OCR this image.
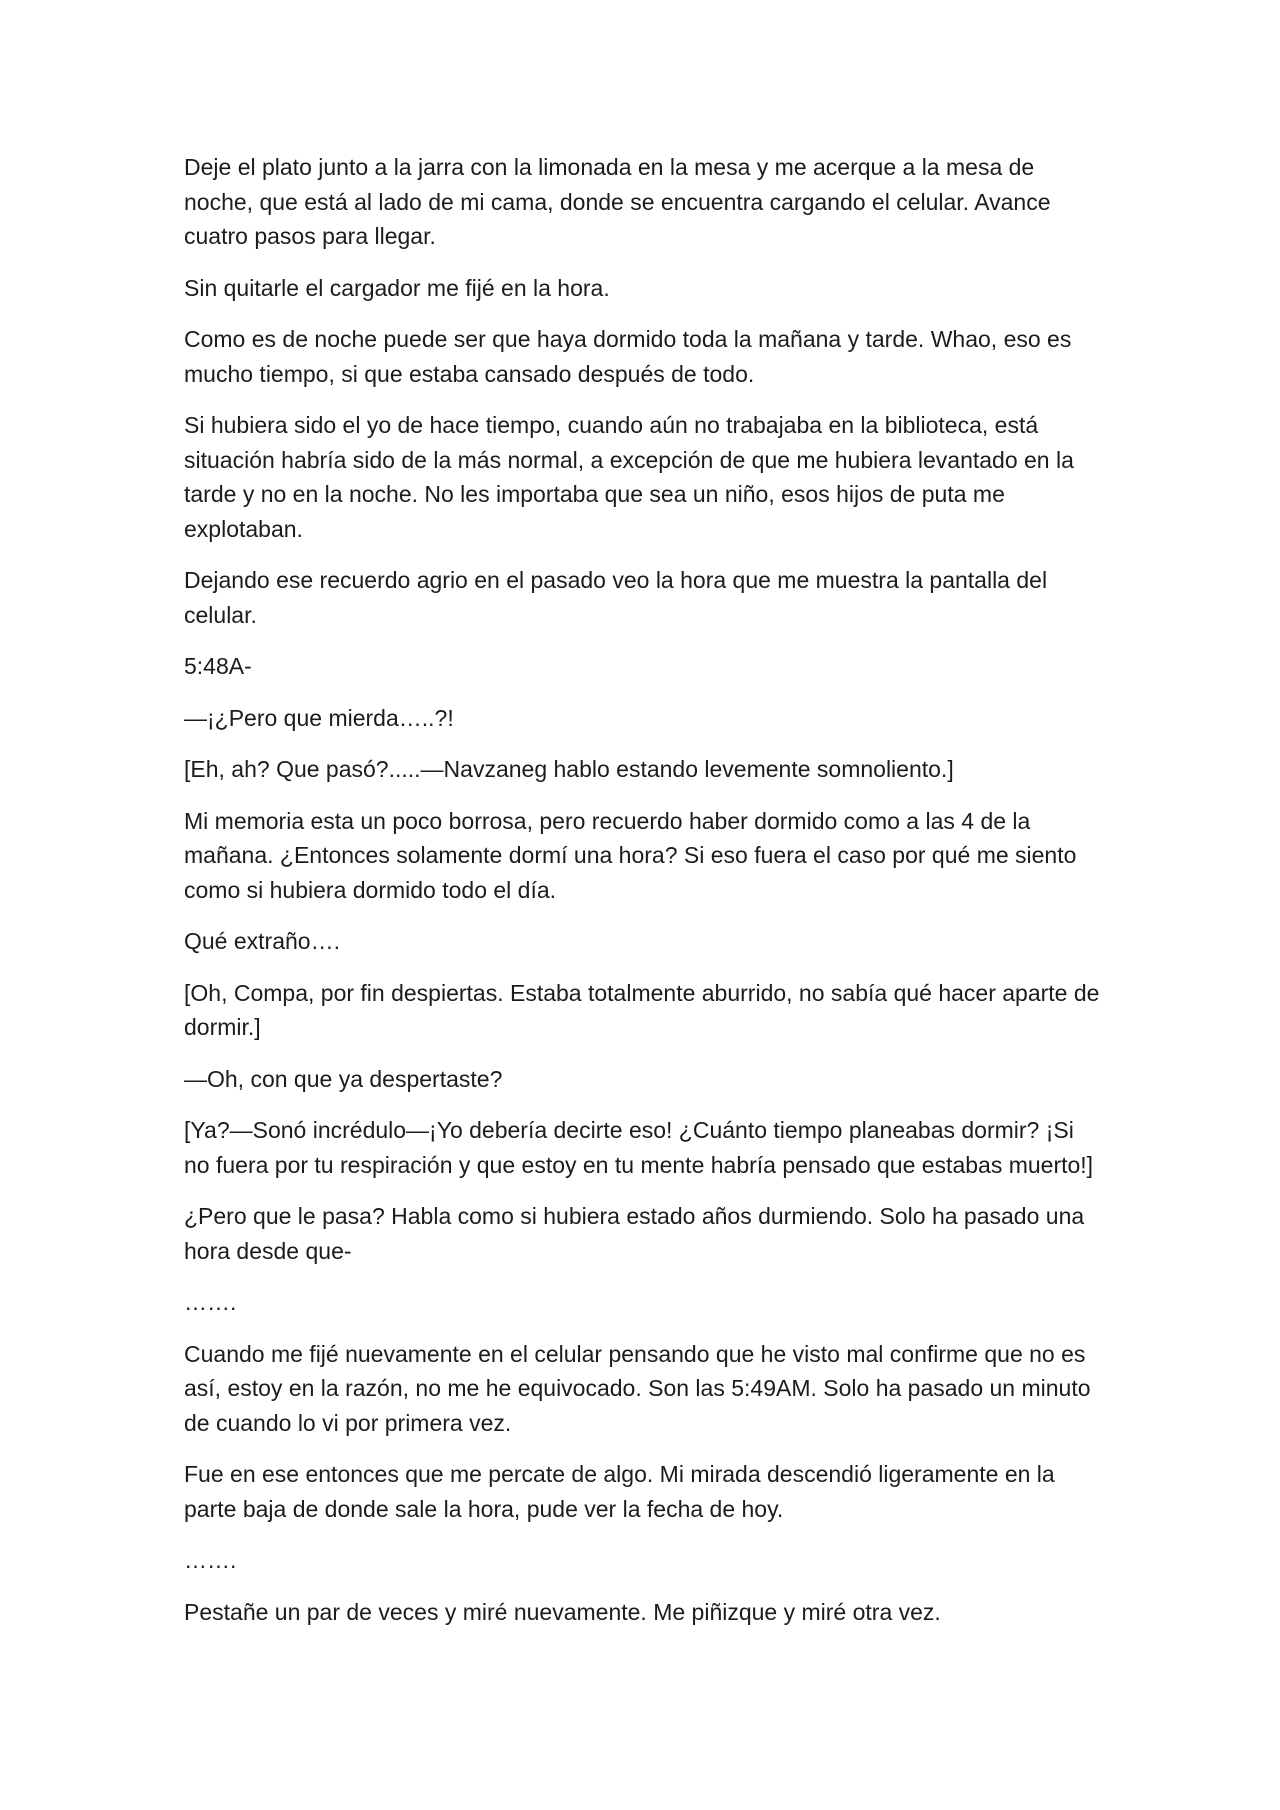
Deje el plato junto a la jarra con la limonada en la mesa y me acerque a la mesa de noche, que está al lado de mi cama, donde se encuentra cargando el celular. Avance cuatro pasos para llegar.

Sin quitarle el cargador me fijé en la hora.

Como es de noche puede ser que haya dormido toda la mañana y tarde. Whao, eso es mucho tiempo, si que estaba cansado después de todo.

Si hubiera sido el yo de hace tiempo, cuando aún no trabajaba en la biblioteca, está situación habría sido de la más normal, a excepción de que me hubiera levantado en la tarde y no en la noche. No les importaba que sea un niño, esos hijos de puta me explotaban.

Dejando ese recuerdo agrio en el pasado veo la hora que me muestra la pantalla del celular.

5:48A-

—¡¿Pero que mierda…..?!

[Eh, ah? Que pasó?.....—Navzaneg hablo estando levemente somnoliento.]

Mi memoria esta un poco borrosa, pero recuerdo haber dormido como a las 4 de la mañana. ¿Entonces solamente dormí una hora? Si eso fuera el caso por qué me siento como si hubiera dormido todo el día.

Qué extraño….

[Oh, Compa, por fin despiertas. Estaba totalmente aburrido, no sabía qué hacer aparte de dormir.]

—Oh, con que ya despertaste?

[Ya?—Sonó incrédulo—¡Yo debería decirte eso! ¿Cuánto tiempo planeabas dormir? ¡Si no fuera por tu respiración y que estoy en tu mente habría pensado que estabas muerto!]

¿Pero que le pasa? Habla como si hubiera estado años durmiendo. Solo ha pasado una hora desde que-

…….

Cuando me fijé nuevamente en el celular pensando que he visto mal confirme que no es así, estoy en la razón, no me he equivocado. Son las 5:49AM. Solo ha pasado un minuto de cuando lo vi por primera vez.

Fue en ese entonces que me percate de algo. Mi mirada descendió ligeramente en la parte baja de donde sale la hora, pude ver la fecha de hoy.

…….

Pestañe un par de veces y miré nuevamente. Me piñizque y miré otra vez.
